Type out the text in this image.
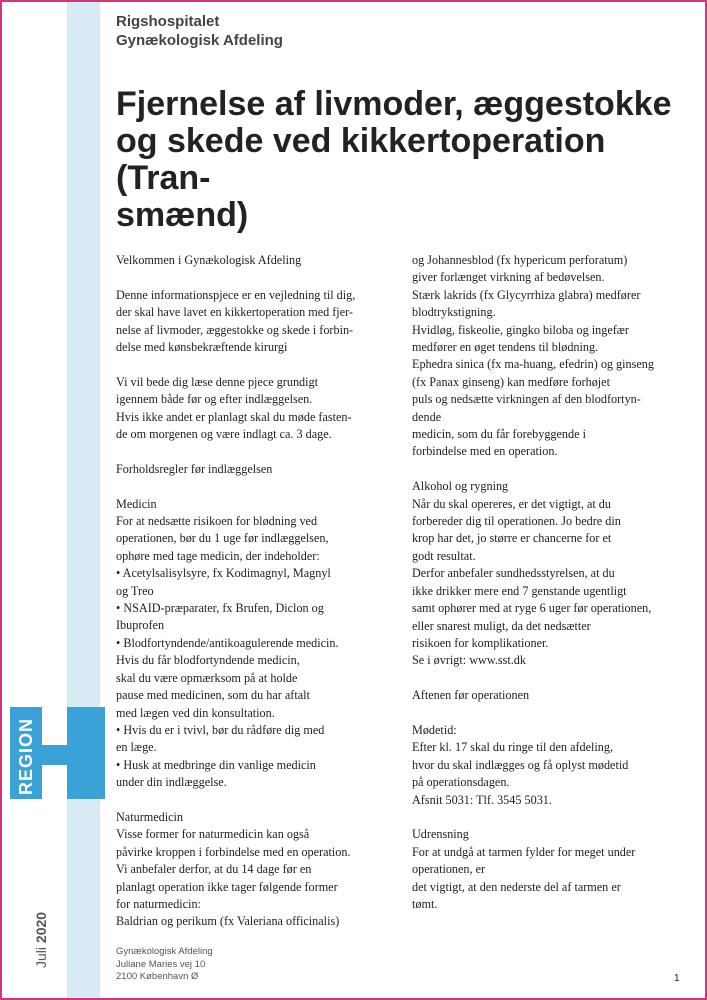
REGION
Juli 2020
Rigshospitalet
Gynækologisk Afdeling
Fjernelse af livmoder, æggestokke
og skede ved kikkertoperation (Tran-
smænd)

Velkommen i Gynækologisk Afdeling

Denne informationspjece er en vejledning til dig,

der skal have lavet en kikkertoperation med fjer-

nelse af livmoder, æggestokke og skede i forbin-

delse med kønsbekræftende kirurgi

Vi vil bede dig læse denne pjece grundigt

igennem både før og efter indlæggelsen.

Hvis ikke andet er planlagt skal du møde fasten-

de om morgenen og være indlagt ca. 3 dage.

Forholdsregler før indlæggelsen

Medicin

For at nedsætte risikoen for blødning ved

operationen, bør du 1 uge før indlæggelsen,

ophøre med tage medicin, der indeholder:

• Acetylsalisylsyre, fx Kodimagnyl, Magnyl

og Treo

• NSAID-præparater, fx Brufen, Diclon og

Ibuprofen

• Blodfortyndende/antikoagulerende medicin.

Hvis du får blodfortyndende medicin,

skal du være opmærksom på at holde

pause med medicinen, som du har aftalt

med lægen ved din konsultation.

• Hvis du er i tvivl, bør du rådføre dig med

en læge.

• Husk at medbringe din vanlige medicin

under din indlæggelse.

Naturmedicin

Visse former for naturmedicin kan også

påvirke kroppen i forbindelse med en operation.

Vi anbefaler derfor, at du 14 dage før en

planlagt operation ikke tager følgende former

for naturmedicin:

Baldrian og perikum (fx Valeriana officinalis)

og Johannesblod (fx hypericum perforatum)

giver forlænget virkning af bedøvelsen.

Stærk lakrids (fx Glycyrrhiza glabra) medfører

blodtrykstigning.

Hvidløg, fiskeolie, gingko biloba og ingefær

medfører en øget tendens til blødning.

Ephedra sinica (fx ma-huang, efedrin) og ginseng

(fx Panax ginseng) kan medføre forhøjet

puls og nedsætte virkningen af den blodfortyn-

dende

medicin, som du får forebyggende i

forbindelse med en operation.

Alkohol og rygning

Når du skal opereres, er det vigtigt, at du

forbereder dig til operationen. Jo bedre din

krop har det, jo større er chancerne for et

godt resultat.

Derfor anbefaler sundhedsstyrelsen, at du

ikke drikker mere end 7 genstande ugentligt

samt ophører med at ryge 6 uger før operationen,

eller snarest muligt, da det nedsætter

risikoen for komplikationer.

Se i øvrigt: www.sst.dk

Aftenen før operationen

Mødetid:

Efter kl. 17 skal du ringe til den afdeling,

hvor du skal indlægges og få oplyst mødetid

på operationsdagen.

Afsnit 5031: Tlf. 3545 5031.

Udrensning

For at undgå at tarmen fylder for meget under

operationen, er

det vigtigt, at den nederste del af tarmen er

tømt.

Gynækologisk Afdeling
Juliane Maries vej 10
2100 København Ø	1
